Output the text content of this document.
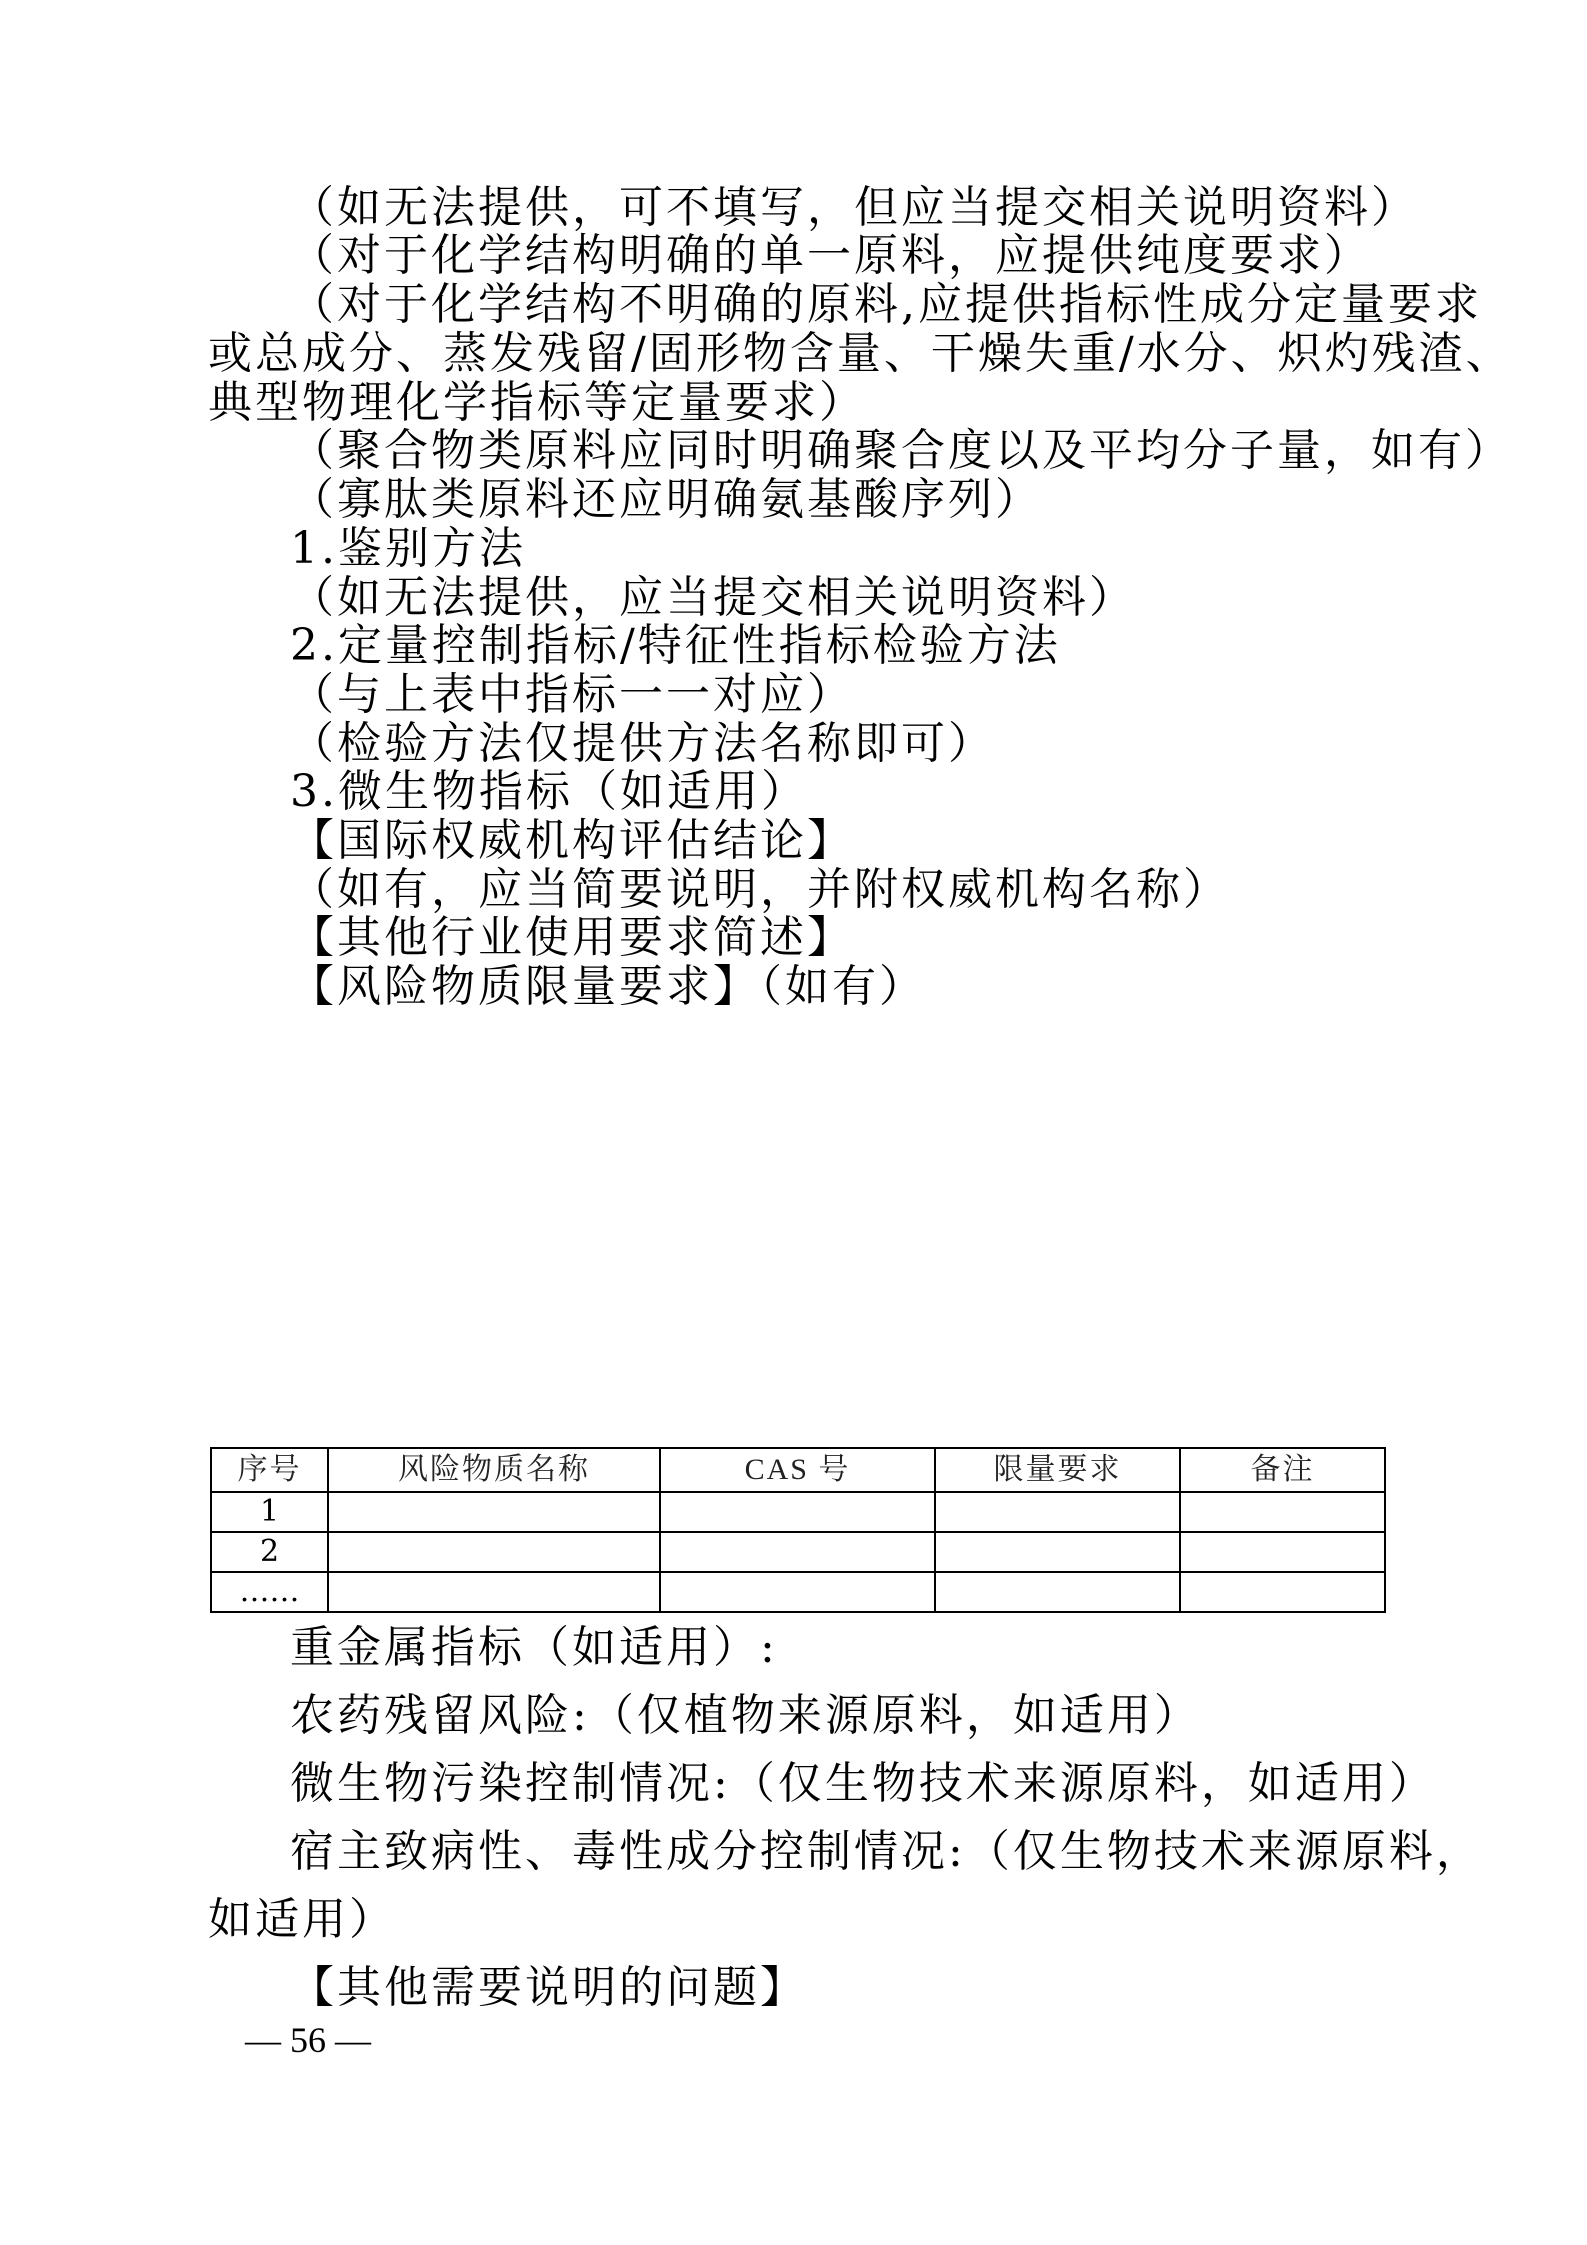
（如无法提供，可不填写，但应当提交相关说明资料）
（对于化学结构明确的单一原料，应提供纯度要求）
（对于化学结构不明确的原料,应提供指标性成分定量要求
或总成分、蒸发残留/固形物含量、干燥失重/水分、炽灼残渣、
典型物理化学指标等定量要求）
（聚合物类原料应同时明确聚合度以及平均分子量，如有）
（寡肽类原料还应明确氨基酸序列）
1.鉴别方法
（如无法提供，应当提交相关说明资料）
2.定量控制指标/特征性指标检验方法
（与上表中指标一一对应）
（检验方法仅提供方法名称即可）
3.微生物指标（如适用）
【国际权威机构评估结论】
（如有，应当简要说明，并附权威机构名称）
【其他行业使用要求简述】
【风险物质限量要求】（如有）
序号	风险物质名称	CAS 号	限量要求	备注
1				
2				
……				
重金属指标（如适用）:
农药残留风险:（仅植物来源原料，如适用）
微生物污染控制情况:（仅生物技术来源原料，如适用）
宿主致病性、毒性成分控制情况:（仅生物技术来源原料，
如适用）
【其他需要说明的问题】
— 56 —
